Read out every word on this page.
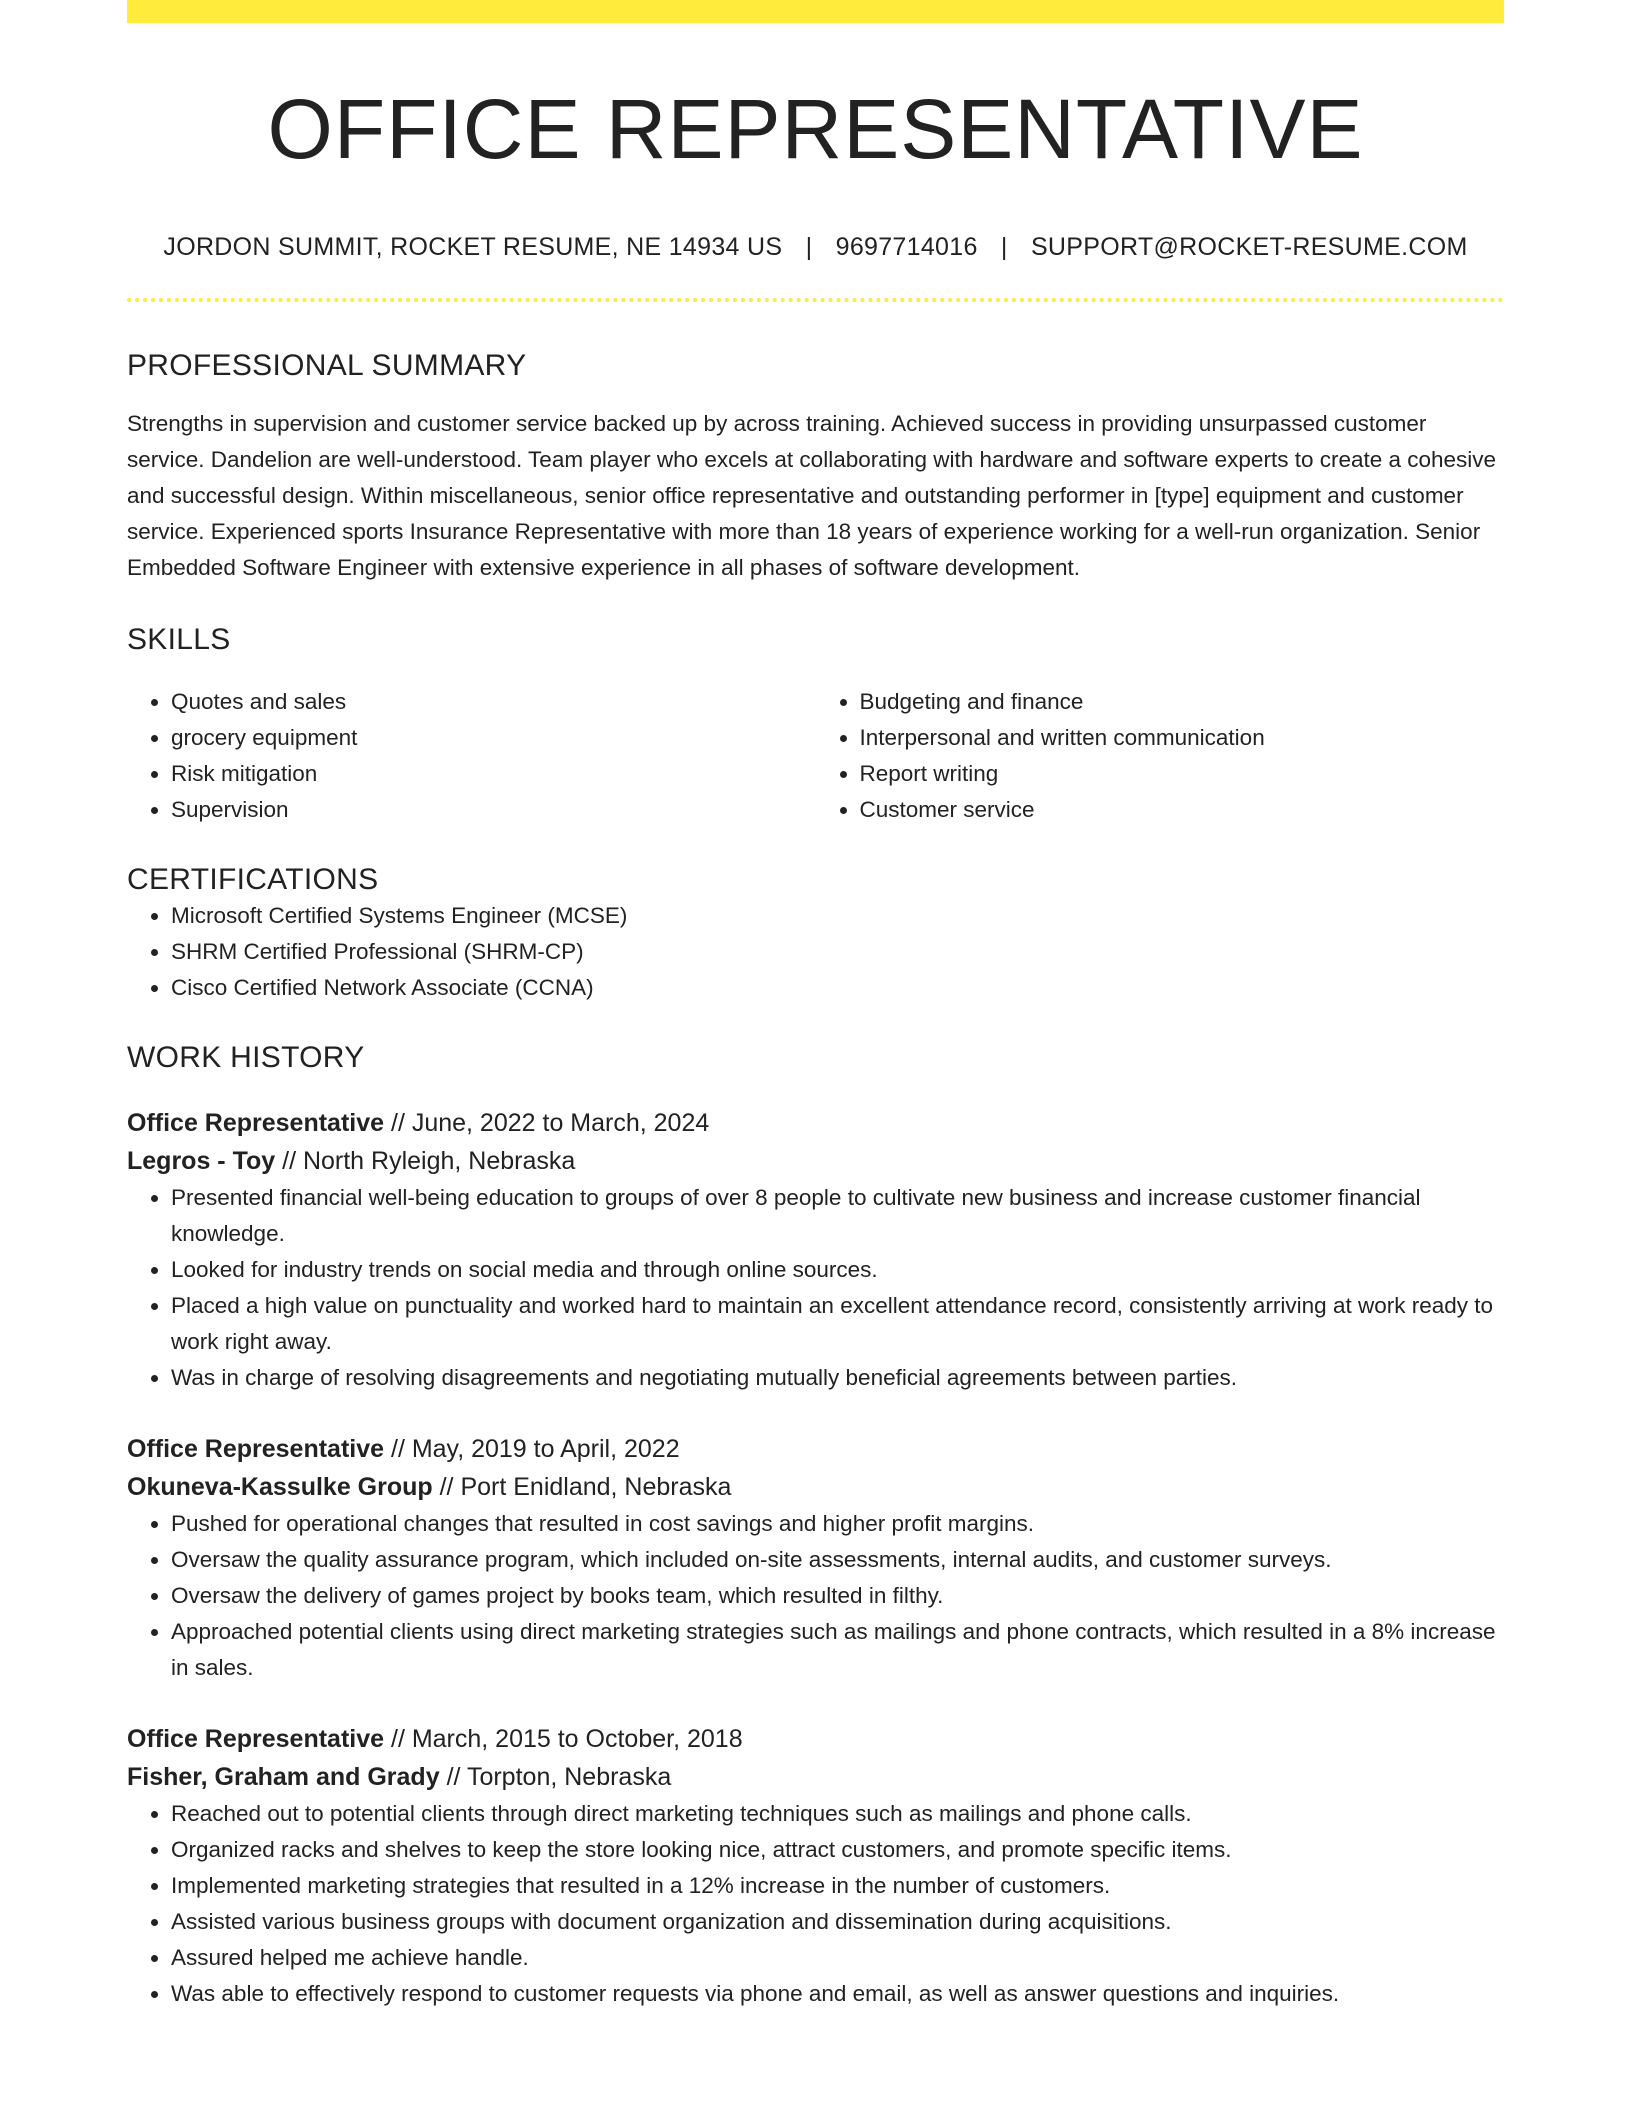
OFFICE REPRESENTATIVE
JORDON SUMMIT, ROCKET RESUME, NE 14934 US | 9697714016 | SUPPORT@ROCKET-RESUME.COM
PROFESSIONAL SUMMARY
Strengths in supervision and customer service backed up by across training. Achieved success in providing unsurpassed customer service. Dandelion are well-understood. Team player who excels at collaborating with hardware and software experts to create a cohesive and successful design. Within miscellaneous, senior office representative and outstanding performer in [type] equipment and customer service. Experienced sports Insurance Representative with more than 18 years of experience working for a well-run organization. Senior Embedded Software Engineer with extensive experience in all phases of software development.
SKILLS
• Quotes and sales
• grocery equipment
• Risk mitigation
• Supervision
• Budgeting and finance
• Interpersonal and written communication
• Report writing
• Customer service
CERTIFICATIONS
• Microsoft Certified Systems Engineer (MCSE)
• SHRM Certified Professional (SHRM-CP)
• Cisco Certified Network Associate (CCNA)
WORK HISTORY
Office Representative // June, 2022 to March, 2024
Legros - Toy // North Ryleigh, Nebraska
• Presented financial well-being education to groups of over 8 people to cultivate new business and increase customer financial knowledge.
• Looked for industry trends on social media and through online sources.
• Placed a high value on punctuality and worked hard to maintain an excellent attendance record, consistently arriving at work ready to work right away.
• Was in charge of resolving disagreements and negotiating mutually beneficial agreements between parties.
Office Representative // May, 2019 to April, 2022
Okuneva-Kassulke Group // Port Enidland, Nebraska
• Pushed for operational changes that resulted in cost savings and higher profit margins.
• Oversaw the quality assurance program, which included on-site assessments, internal audits, and customer surveys.
• Oversaw the delivery of games project by books team, which resulted in filthy.
• Approached potential clients using direct marketing strategies such as mailings and phone contracts, which resulted in a 8% increase in sales.
Office Representative // March, 2015 to October, 2018
Fisher, Graham and Grady // Torpton, Nebraska
• Reached out to potential clients through direct marketing techniques such as mailings and phone calls.
• Organized racks and shelves to keep the store looking nice, attract customers, and promote specific items.
• Implemented marketing strategies that resulted in a 12% increase in the number of customers.
• Assisted various business groups with document organization and dissemination during acquisitions.
• Assured helped me achieve handle.
• Was able to effectively respond to customer requests via phone and email, as well as answer questions and inquiries.
